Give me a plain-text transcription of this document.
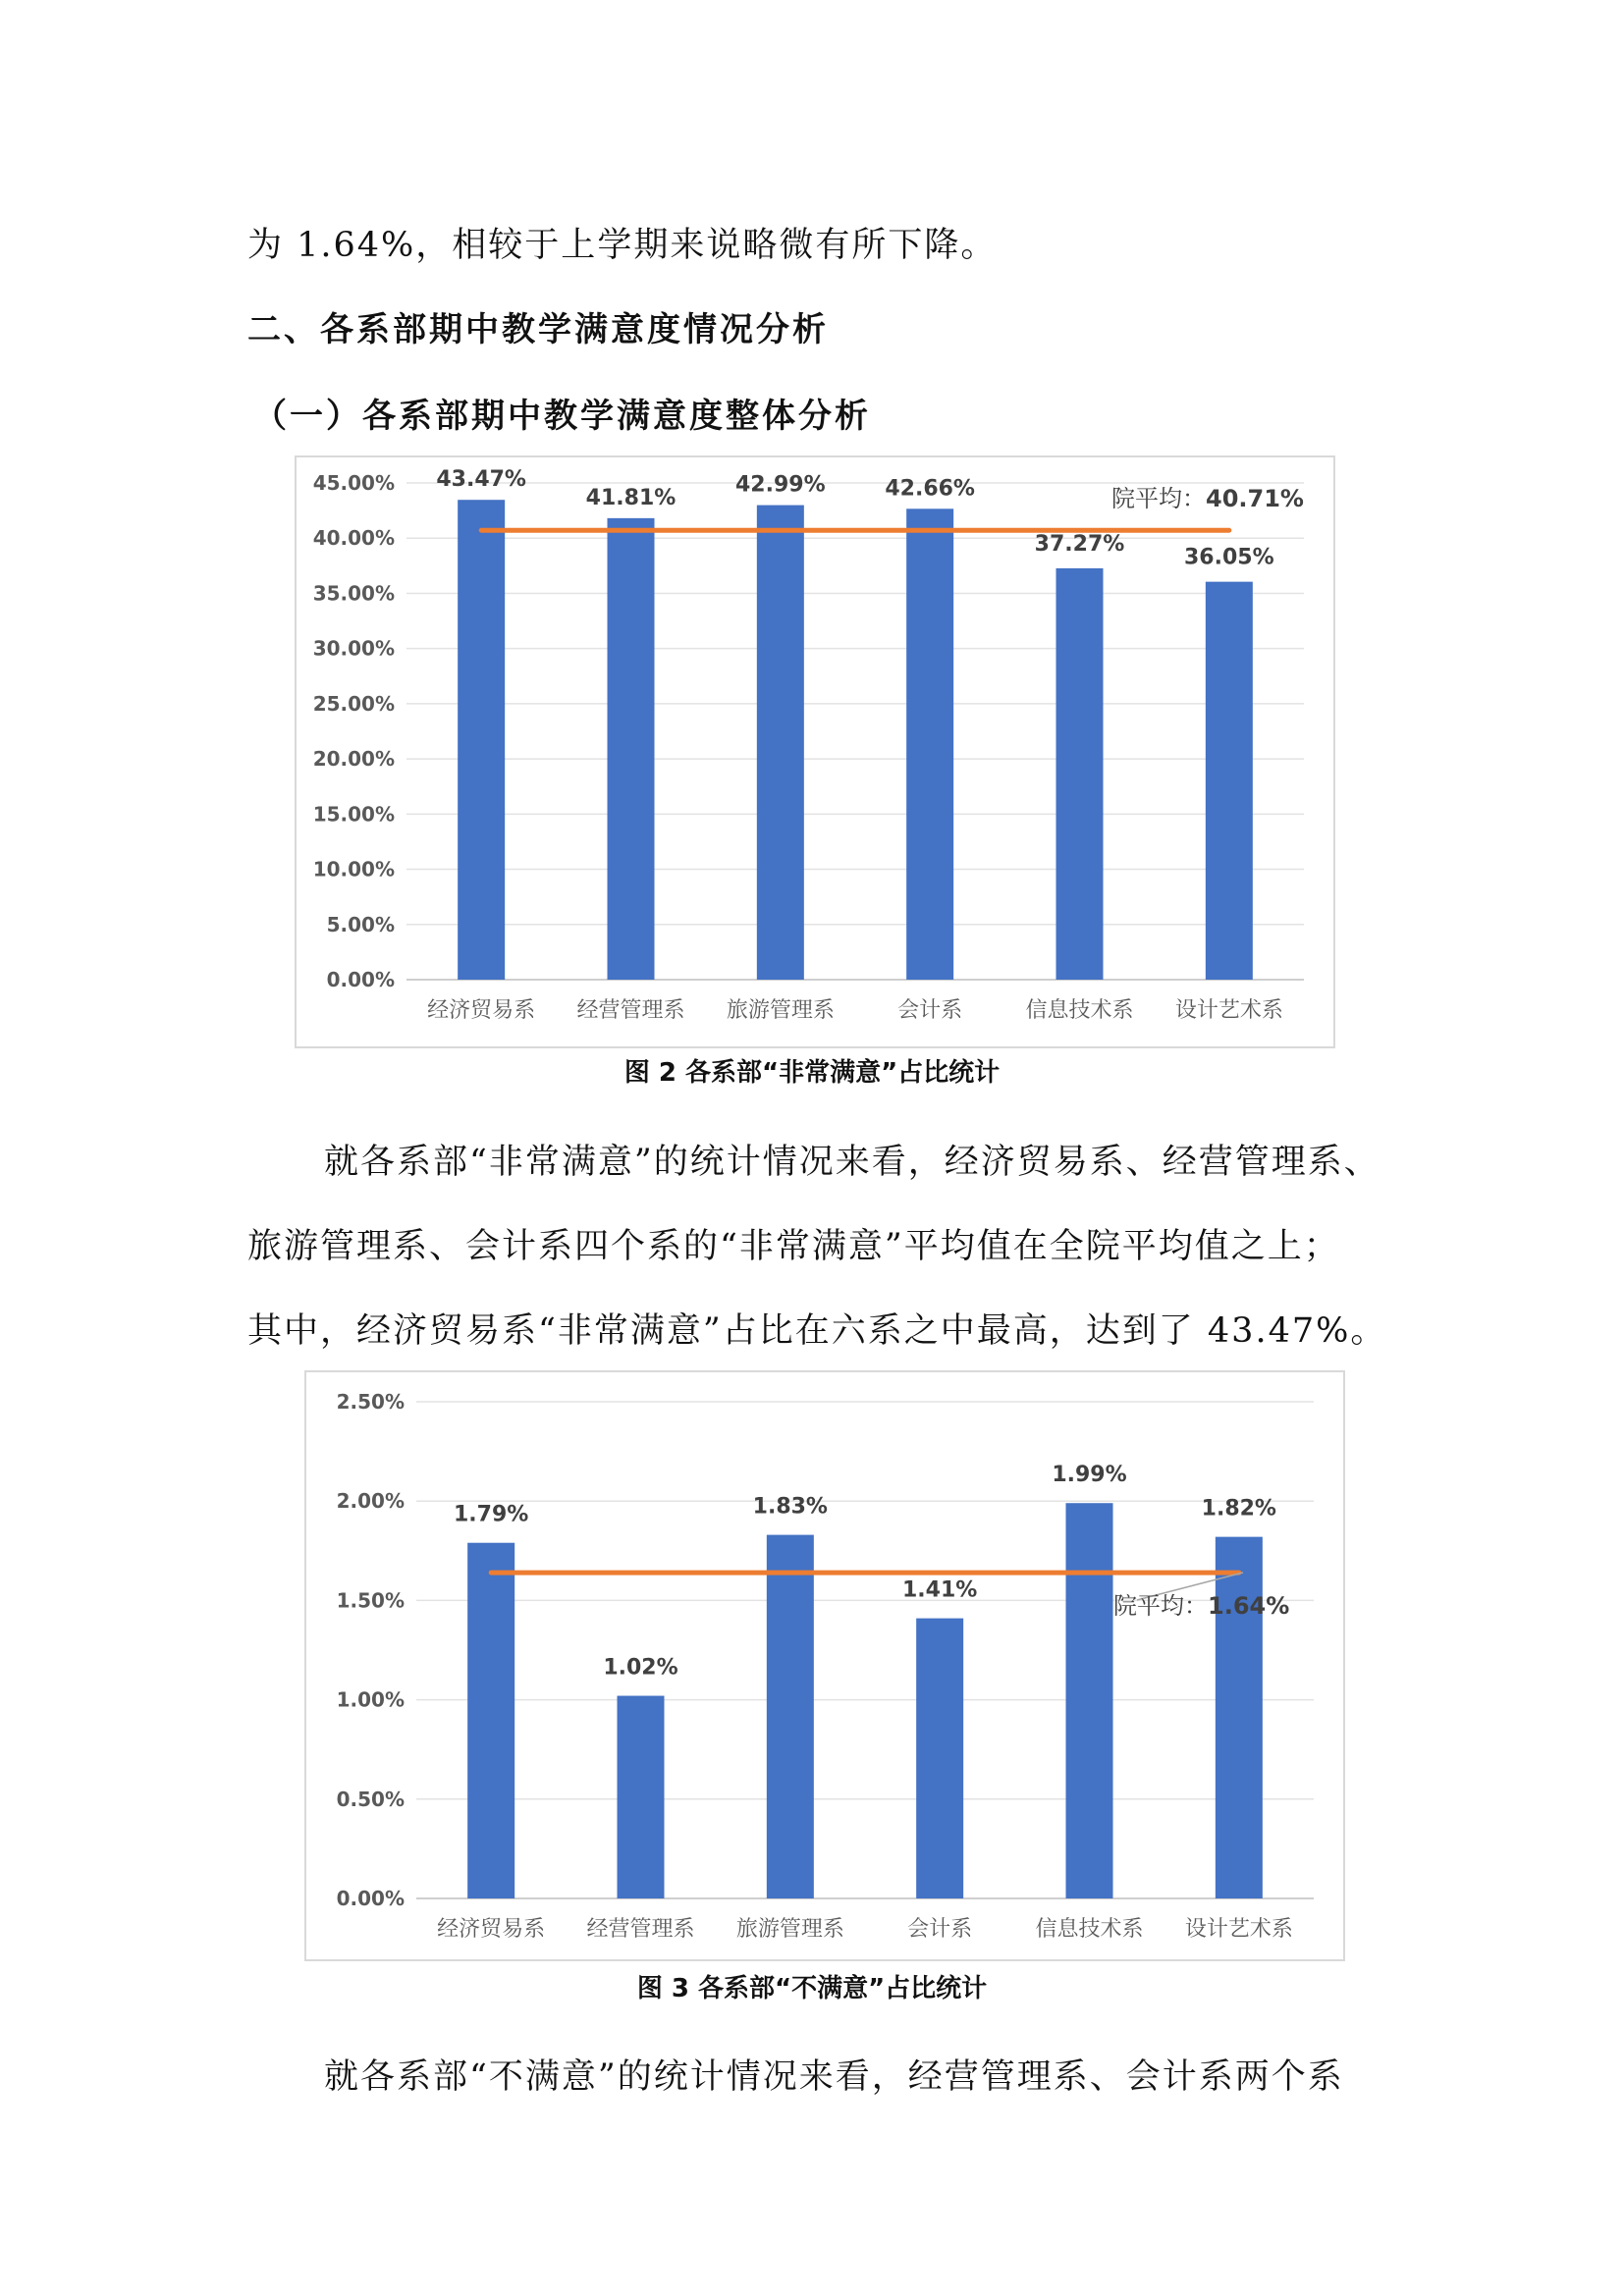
为 1.64%，相较于上学期来说略微有所下降。

二、各系部期中教学满意度情况分析

（一）各系部期中教学满意度整体分析

0.00%
5.00%
10.00%
15.00%
20.00%
25.00%
30.00%
35.00%
40.00%
45.00% 43.47%
经济贸易系
41.81%
经营管理系
42.99%
旅游管理系
42.66%
会计系
37.27%
信息技术系
36.05%
设计艺术系
院平均：40.71%
图 2 各系部“非常满意”占比统计

就各系部“非常满意”的统计情况来看，经济贸易系、经营管理系、

旅游管理系、会计系四个系的“非常满意”平均值在全院平均值之上；

其中，经济贸易系“非常满意”占比在六系之中最高，达到了 43.47%。

0.00%
0.50%
1.00%
1.50%
2.00%
2.50%
1.79%
经济贸易系
1.02%
经营管理系
1.83%
旅游管理系
1.41%
会计系
1.99%
信息技术系
1.82%
设计艺术系
院平均：1.64%
图 3 各系部“不满意”占比统计

就各系部“不满意”的统计情况来看，经营管理系、会计系两个系
